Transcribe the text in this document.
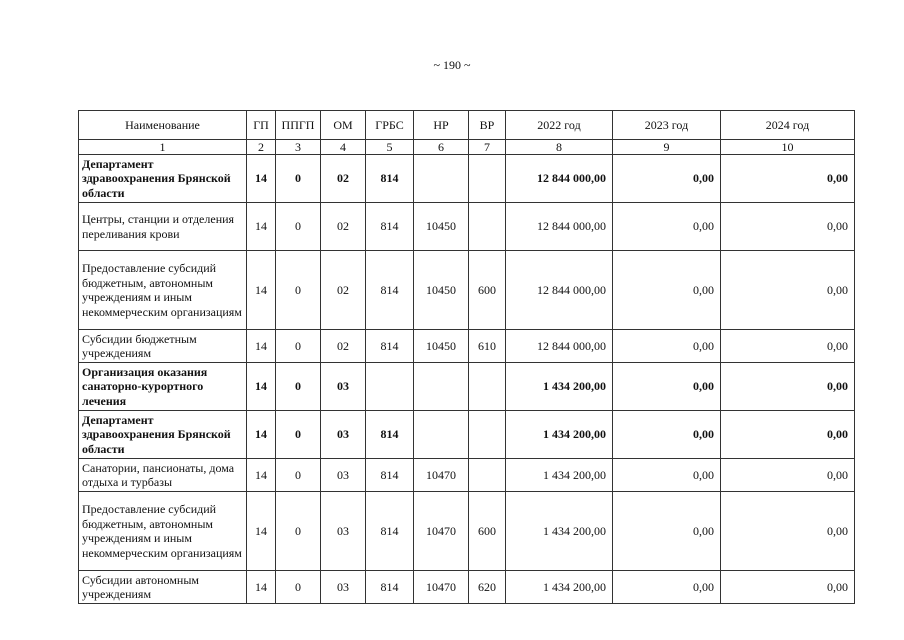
~ 190 ~
Наименование	ГП	ППГП	ОМ	ГРБС	НР	ВР	2022 год	2023 год	2024 год
1	2	3	4	5	6	7	8	9	10
Департамент здравоохранения Брянской области	14	0	02	814			12 844 000,00	0,00	0,00
Центры, станции и отделения переливания крови	14	0	02	814	10450		12 844 000,00	0,00	0,00
Предоставление субсидий бюджетным, автономным учреждениям и иным некоммерческим организациям	14	0	02	814	10450	600	12 844 000,00	0,00	0,00
Субсидии бюджетным учреждениям	14	0	02	814	10450	610	12 844 000,00	0,00	0,00
Организация оказания санаторно-курортного лечения	14	0	03				1 434 200,00	0,00	0,00
Департамент здравоохранения Брянской области	14	0	03	814			1 434 200,00	0,00	0,00
Санатории, пансионаты, дома отдыха и турбазы	14	0	03	814	10470		1 434 200,00	0,00	0,00
Предоставление субсидий бюджетным, автономным учреждениям и иным некоммерческим организациям	14	0	03	814	10470	600	1 434 200,00	0,00	0,00
Субсидии автономным учреждениям	14	0	03	814	10470	620	1 434 200,00	0,00	0,00
